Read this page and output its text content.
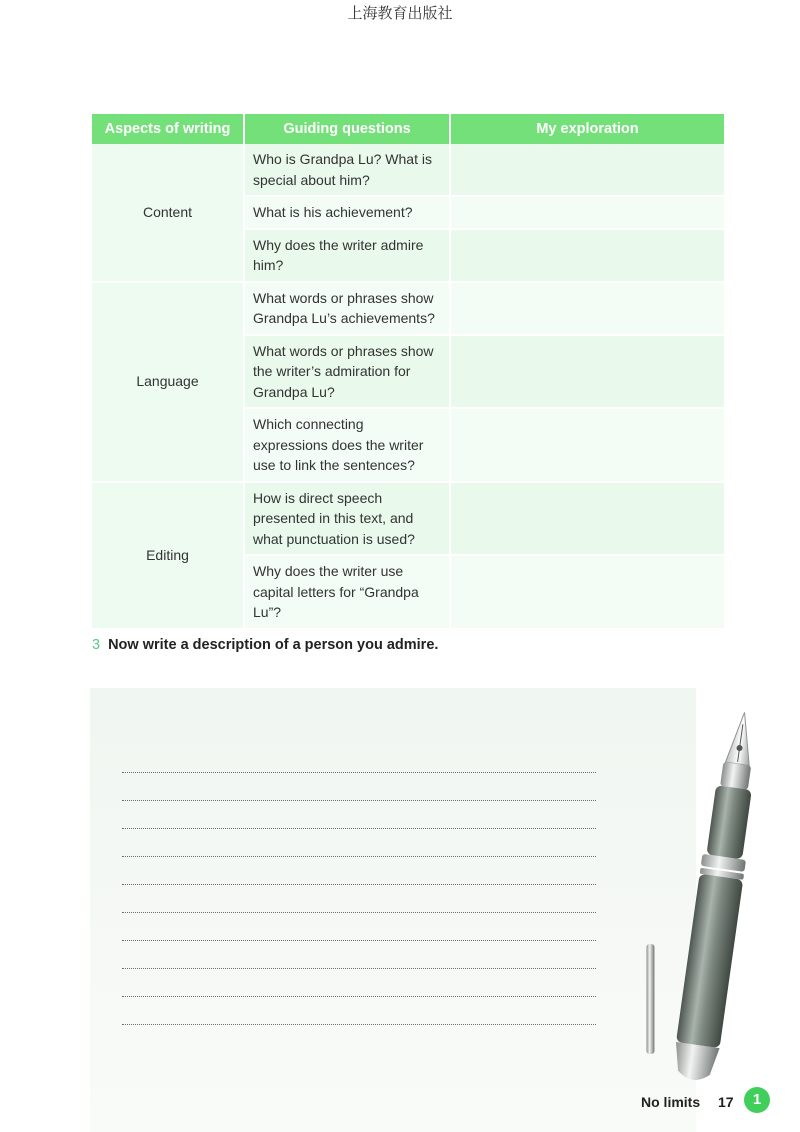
上海教育出版社
Aspects of writing	Guiding questions	My exploration
Content	Who is Grandpa Lu? What is special about him?	
	What is his achievement?	
	Why does the writer admire him?	
Language	What words or phrases show Grandpa Lu’s achievements?	
	What words or phrases show the writer’s admiration for Grandpa Lu?	
	Which connecting expressions does the writer use to link the sentences?	
Editing	How is direct speech presented in this text, and what punctuation is used?	
	Why does the writer use capital letters for “Grandpa Lu”?	
3 Now write a description of a person you admire.
No limits 17	1
